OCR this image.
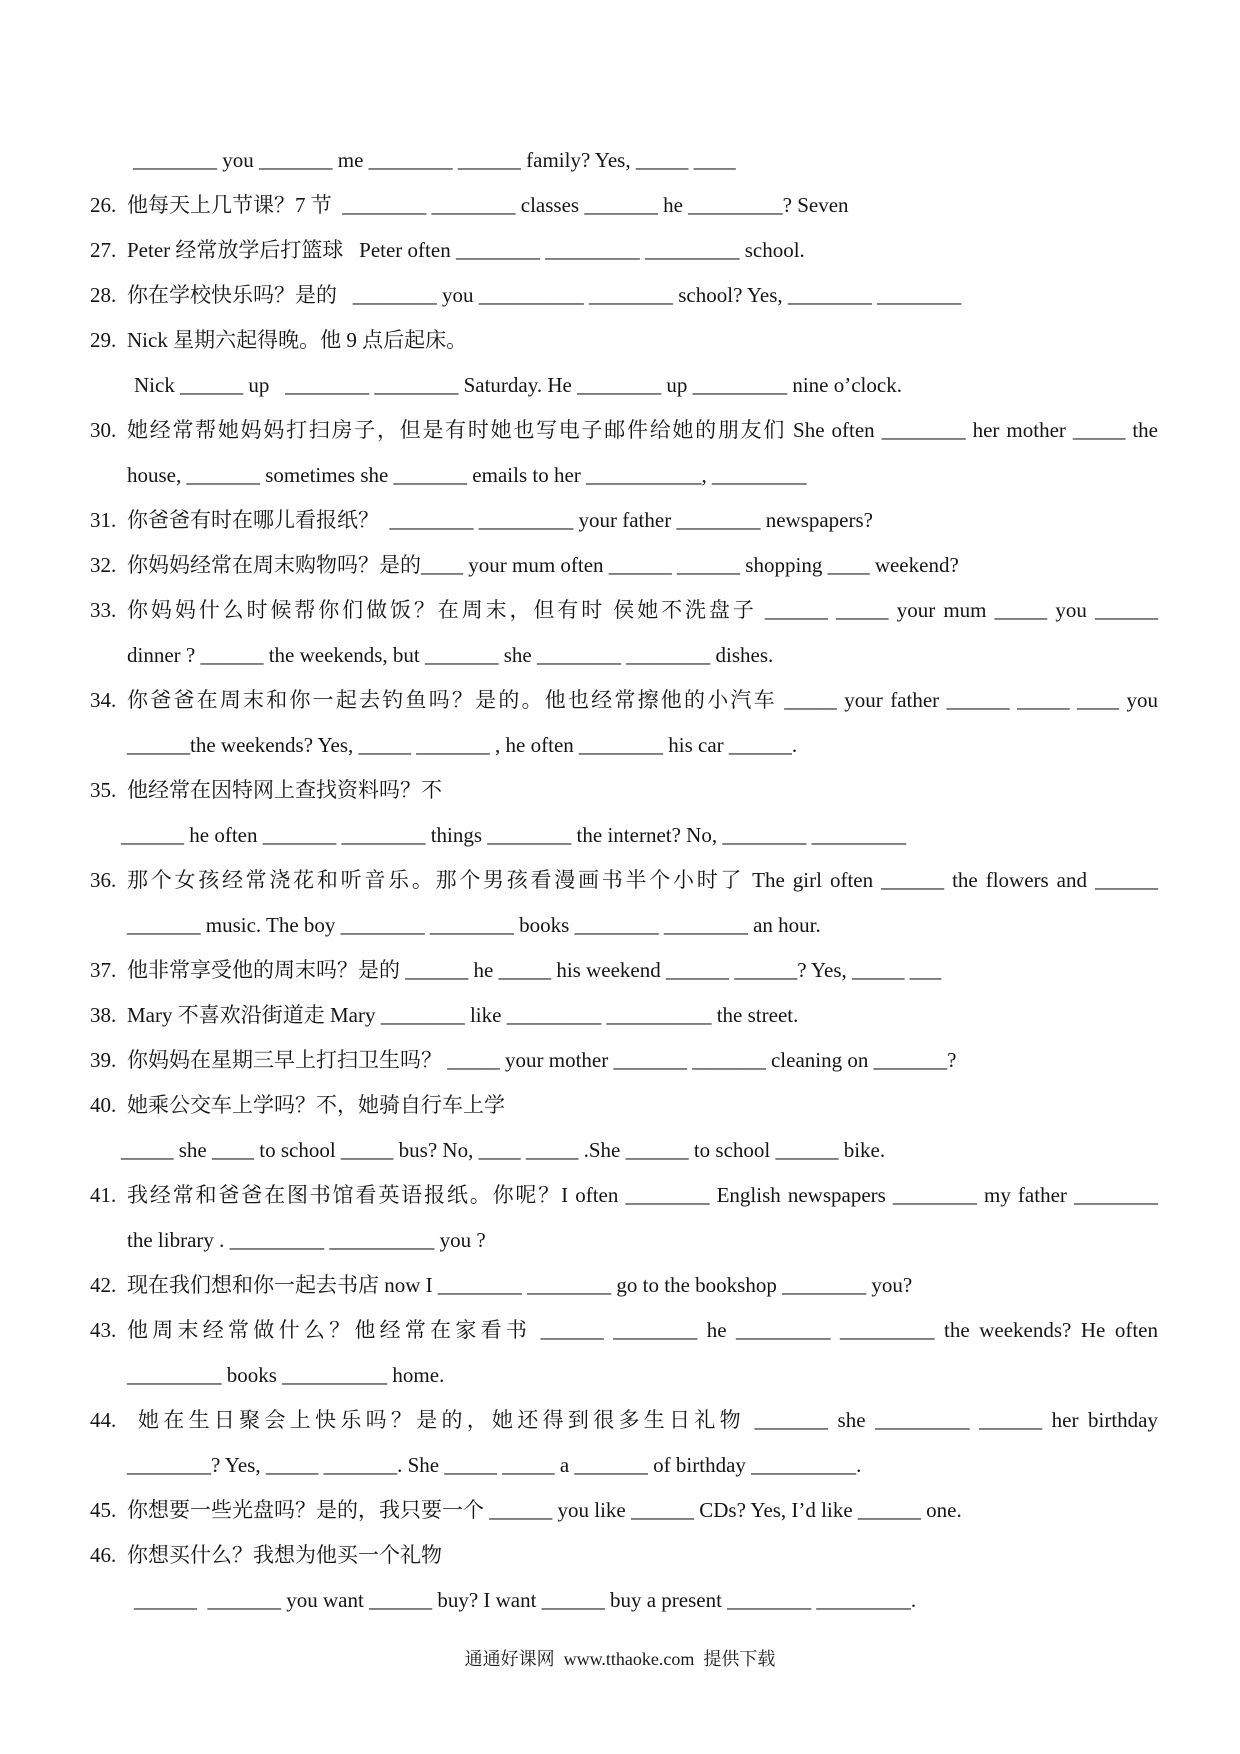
________ you _______ me ________ ______ family? Yes, _____ ____
26. 他每天上几节课？7 节  ________ ________ classes _______ he _________? Seven
27. Peter 经常放学后打篮球   Peter often ________ _________ _________ school.
28. 你在学校快乐吗？是的   ________ you __________ ________ school? Yes, ________ ________
29. Nick 星期六起得晚。他 9 点后起床。
Nick ______ up   ________ ________ Saturday. He ________ up _________ nine o’clock.
30. 她经常帮她妈妈打扫房子，但是有时她也写电子邮件给她的朋友们 She often ________ her mother _____ the
house, _______ sometimes she _______ emails to her ___________, _________
31. 你爸爸有时在哪儿看报纸？  ________ _________ your father ________ newspapers?
32. 你妈妈经常在周末购物吗？是的____ your mum often ______ ______ shopping ____ weekend?
33. 你妈妈什么时候帮你们做饭？在周末，但有时 侯她不洗盘子 ______ _____ your mum _____ you ______
dinner ? ______ the weekends, but _______ she ________ ________ dishes.
34. 你爸爸在周末和你一起去钓鱼吗？是的。他也经常擦他的小汽车 _____ your father ______ _____ ____ you
______the weekends? Yes, _____ _______ , he often ________ his car ______.
35. 他经常在因特网上查找资料吗？不
______ he often _______ ________ things ________ the internet? No, ________ _________
36. 那个女孩经常浇花和听音乐。那个男孩看漫画书半个小时了 The girl often ______ the flowers and ______
_______ music. The boy ________ ________ books ________ ________ an hour.
37. 他非常享受他的周末吗？是的 ______ he _____ his weekend ______ ______? Yes, _____ ___
38. Mary 不喜欢沿街道走 Mary ________ like _________ __________ the street.
39. 你妈妈在星期三早上打扫卫生吗？ _____ your mother _______ _______ cleaning on _______?
40. 她乘公交车上学吗？不，她骑自行车上学
_____ she ____ to school _____ bus? No, ____ _____ .She ______ to school ______ bike.
41. 我经常和爸爸在图书馆看英语报纸。你呢？I often ________ English newspapers ________ my father ________
the library . _________ __________ you ?
42. 现在我们想和你一起去书店 now I ________ ________ go to the bookshop ________ you?
43. 他周末经常做什么？他经常在家看书 ______ ________ he _________ _________ the weekends? He often
_________ books __________ home.
44.	她在生日聚会上快乐吗？是的，她还得到很多生日礼物 _______ she _________ ______ her birthday
________? Yes, _____ _______. She _____ _____ a _______ of birthday __________.
45. 你想要一些光盘吗？是的，我只要一个 ______ you like ______ CDs? Yes, I’d like ______ one.
46. 你想买什么？我想为他买一个礼物
______  _______ you want ______ buy? I want ______ buy a present ________ _________.
通通好课网  www.tthaoke.com  提供下载
